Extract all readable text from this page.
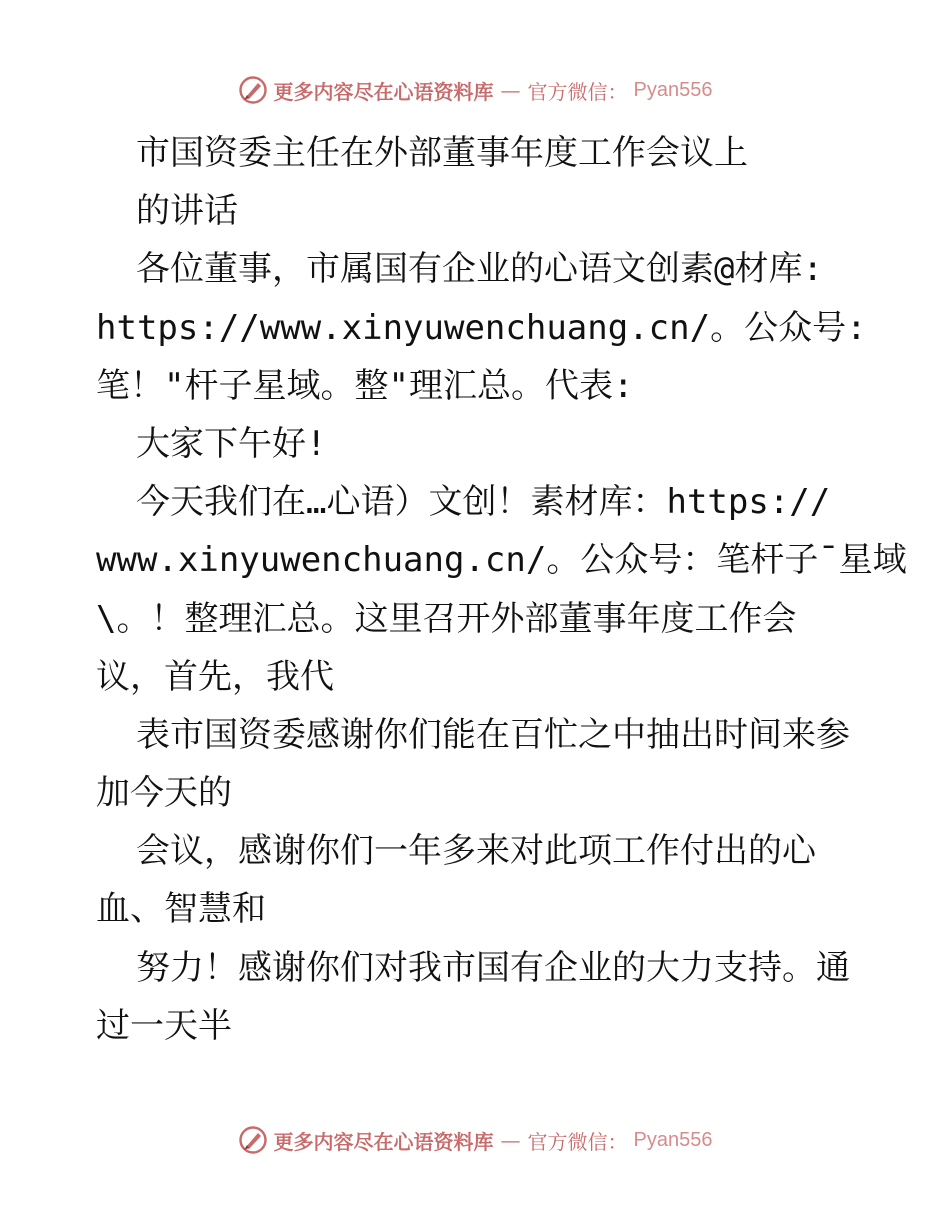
更多内容尽在心语资料库 — 官方微信： Pyan556
市国资委主任在外部董事年度工作会议上
的讲话
各位董事，市属国有企业的心语文创素@材库:
https://www.xinyuwenchuang.cn/。公众号:
笔！"杆子星域。整"理汇总。代表:
大家下午好!
今天我们在…心语）文创！素材库：https://
www.xinyuwenchuang.cn/。公众号：笔杆子¯星域
\。！整理汇总。这里召开外部董事年度工作会
议，首先，我代
表市国资委感谢你们能在百忙之中抽出时间来参
加今天的
会议，感谢你们一年多来对此项工作付出的心
血、智慧和
努力！感谢你们对我市国有企业的大力支持。通
过一天半
更多内容尽在心语资料库 — 官方微信： Pyan556
